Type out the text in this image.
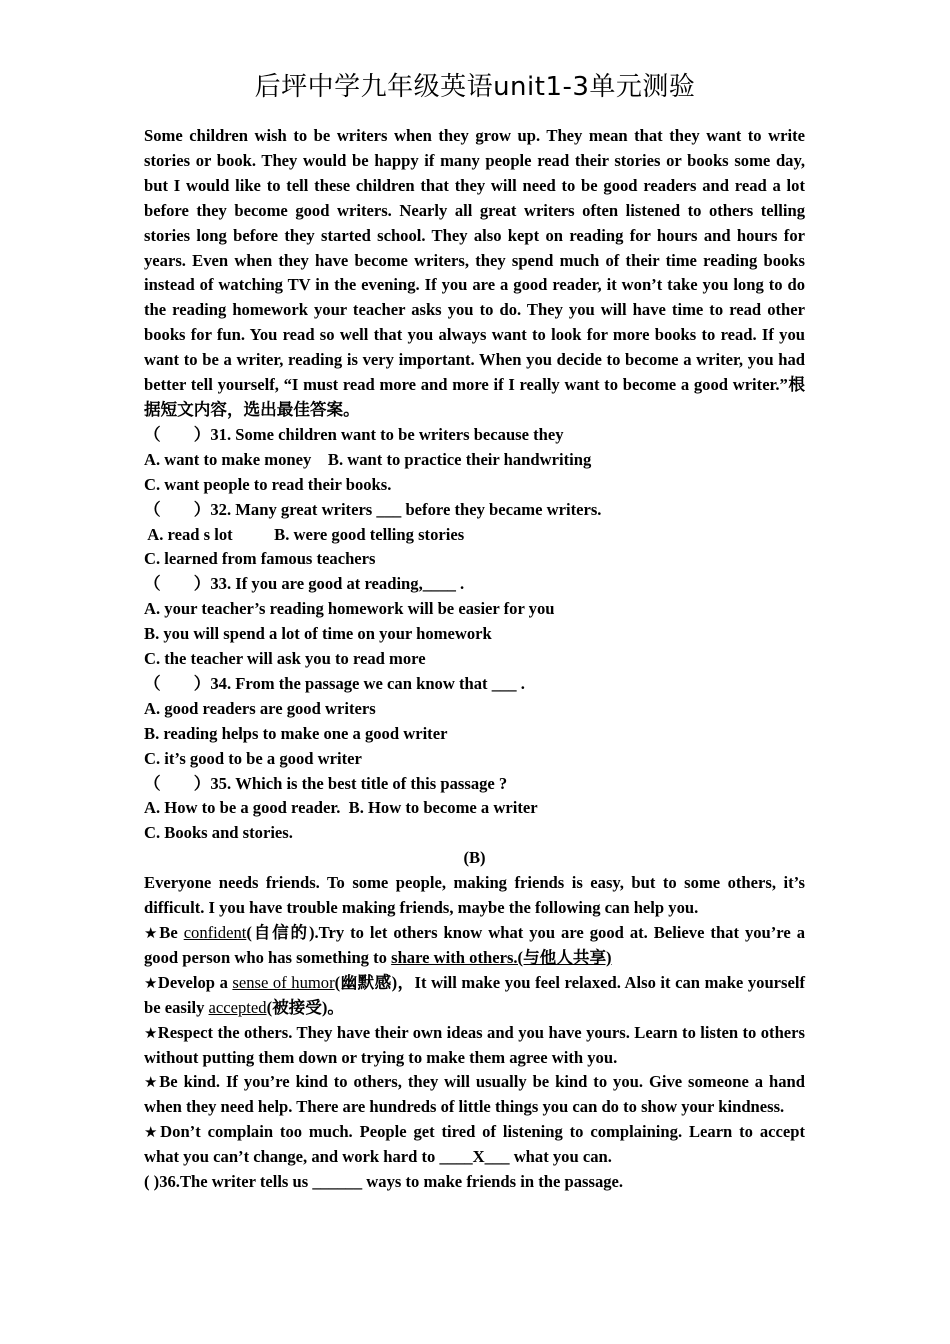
后坪中学九年级英语unit1-3单元测验

Some children wish to be writers when they grow up. They mean that they want to write stories or book. They would be happy if many people read their stories or books some day, but I would like to tell these children that they will need to be good readers and read a lot before they become good writers. Nearly all great writers often listened to others telling stories long before they started school. They also kept on reading for hours and hours for years. Even when they have become writers, they spend much of their time reading books instead of watching TV in the evening. If you are a good reader, it won’t take you long to do the reading homework your teacher asks you to do. They you will have time to read other books for fun. You read so well that you always want to look for more books to read. If you want to be a writer, reading is very important. When you decide to become a writer, you had better tell yourself, “I must read more and more if I really want to become a good writer.”根据短文内容，选出最佳答案。

（　　）31. Some children want to be writers because they

A. want to make money    B. want to practice their handwriting

C. want people to read their books.

（　　）32. Many great writers ___ before they became writers.

A. read s lot          B. were good telling stories

C. learned from famous teachers

（　　）33. If you are good at reading,____ .

A. your teacher’s reading homework will be easier for you

B. you will spend a lot of time on your homework

C. the teacher will ask you to read more

（　　）34. From the passage we can know that ___ .

A. good readers are good writers

B. reading helps to make one a good writer

C. it’s good to be a good writer

（　　）35. Which is the best title of this passage ?

A. How to be a good reader.  B. How to become a writer

C. Books and stories.

(B)

Everyone needs friends. To some people, making friends is easy, but to some others, it’s difficult. I you have trouble making friends, maybe the following can help you.

★Be confident(自信的).Try to let others know what you are good at. Believe that you’re a good person who has something to share with others.(与他人共享)

★Develop a sense of humor(幽默感)，It will make you feel relaxed. Also it can make yourself be easily accepted(被接受)。

★Respect the others. They have their own ideas and you have yours. Learn to listen to others without putting them down or trying to make them agree with you.

★Be kind. If you’re kind to others, they will usually be kind to you. Give someone a hand when they need help. There are hundreds of little things you can do to show your kindness.

★Don’t complain too much. People get tired of listening to complaining. Learn to accept what you can’t change, and work hard to ____X___ what you can.

( )36.The writer tells us ______ ways to make friends in the passage.
